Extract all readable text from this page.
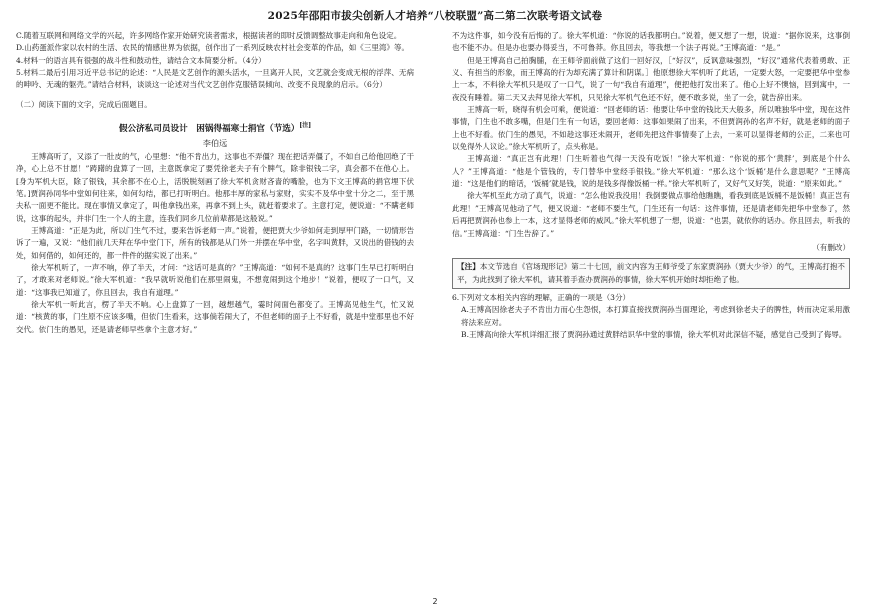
2025年邵阳市拔尖创新人才培养“八校联盟”高二第二次联考语文试卷

C.随着互联网和网络文学的兴起，许多网络作家开始研究读者需求，根据读者的即时反馈调整故事走向和角色设定。

D.山药蛋派作家以农村的生活、农民的情感世界为依据，创作出了一系列反映农村社会变革的作品，如《三里湾》等。

4.材料一的语言具有很强的战斗性和鼓动性，请结合文本简要分析。（4分）

5.材料二最后引用习近平总书记的论述：“人民是文艺创作的源头活水，一旦离开人民，文艺就会变成无根的浮萍、无病的呻吟、无魂的躯壳。”请结合材料，谈谈这一论述对当代文艺创作克服错误倾向、改变不良现象的启示。（6分）

（二）阅读下面的文字，完成后面题目。

假公济私司员设计　困锅得福寒士捐官（节选）[注]
李伯远

王博高听了，又添了一肚皮的气，心里想：“他不肯出力，这事也不弄僵？现在把话弄僵了，不如自己给他回绝了干净，心上总不甘愿！”踌躇的盘算了一回，主意既拿定了要凭徐老夫子有个脾气，除非银钱二字，真会都不在他心上。[身为军机大臣，除了银钱，其余都不在心上，活脱脱刻画了徐大军机贪财吝啬的嘴脸，也为下文王博高的捐官埋下伏笔。]贾润孙同华中堂如何往来，如何勾结，都已打听明白。他那丰厚的家私与家财，实实不及华中堂十分之二，至于黑夫私一面更不能比。现在事情又拿定了，叫他拿钱出来，再拿不到上头，就赶着要求了。主意打定，便说道：“不瞒老师说，这事的起头，并非门生一个人的主意，连我们同乡几位前辈都是这般说。”

王博高道：“正是为此，所以门生气不过，要来告诉老师一声。”说着，便把贾大少爷如何走到厚甲门路，一切情形告诉了一遍，又说：“他们前几天拜在华中堂门下，所有的钱都是从门外一并摆在华中堂，名字叫黄胖，又说出的借钱的去处，如何借的，如何还的，都一件件的据实说了出来。”

徐大军机听了，一声不响，停了半天，才问：“这话可是真的？”王博高道：“如何不是真的？这事门生早已打听明白了，才敢来对老师说。”徐大军机道：“我早就听说他们在那里闹鬼，不想竟闹到这个地步！”说着，便叹了一口气，又道：“这事我已知道了，你且回去，我自有道理。”

徐大军机一听此言，楞了半天不响。心上盘算了一回，越想越气，霎时间面色都变了。王博高见他生气，忙又说道：“核黄的事，门生原不应该多嘴，但依门生看来，这事倘若闹大了，不但老师的面子上不好看，就是中堂那里也不好交代。依门生的愚见，还是请老师早些拿个主意才好。”

不为这件事，如今没有后悔的了。徐大军机道：“你说的话我都明白。”说着，便又想了一想，说道：“据你说来，这事倒也不能不办。但是办也要办得妥当，不可鲁莽。你且回去，等我想一个法子再说。”王博高道：“是。”

但是王博高自己拍胸脯，在王师爷面前做了这们一回好汉，［“好汉”，反讽意味强烈，“好汉”通常代表着勇敢、正义、有担当的形象，而王博高的行为却充满了算计和阴谋。］他原想徐大军机听了此话，一定要大怒，一定要把华中堂参上一本，不料徐大军机只是叹了一口气，说了一句“我自有道理”，便把他打发出来了。他心上好不懊恼，回到寓中，一夜没有睡着。第二天又去拜见徐大军机，只见徐大军机气色还不好，便不敢多说，坐了一会，就告辞出来。

王博高一听，晓得有机会可乘，便说道：“回老师的话：他要让华中堂的钱比天大般多，所以唯独华中堂，现在这件事情，门生也不敢多嘴，但是门生有一句话，要回老师：这事如果闹了出来，不但贾润孙的名声不好，就是老师的面子上也不好看。依门生的愚见，不如趁这事还未闹开，老师先把这件事情奏了上去，一来可以显得老师的公正，二来也可以免得外人议论。”徐大军机听了，点头称是。

王博高道：“真正岂有此理！门生听着也气得一天没有吃饭！”徐大军机道：“你说的那个‘黄胖’，到底是个什么人？”王博高道：“他是个管钱的，专门替华中堂经手银钱。”徐大军机道：“那么这个‘饭桶’是什么意思呢？”王博高道：“这是他们的暗话，‘饭桶’就是钱，说的是钱多得像饭桶一样。”徐大军机听了，又好气又好笑，说道：“原来如此。”

徐大军机至此方动了真气，说道：“怎么他说我没用！我倒要做点事给他瞧瞧，看我到底是饭桶不是饭桶！真正岂有此理！”王博高见他动了气，便又说道：“老师不要生气，门生还有一句话：这件事情，还是请老师先把华中堂参了，然后再把贾润孙也参上一本，这才显得老师的威风。”徐大军机想了一想，说道：“也罢，就依你的话办。你且回去，听我的信。”王博高道：“门生告辞了。”

（有删改）

【注】本文节选自《官场现形记》第二十七回，前文内容为王师爷受了东家贾润孙（贾大少爷）的气，王博高打抱不平，为此找到了徐大军机，请其着手查办贾润孙的事情，徐大军机开始时却拒绝了他。

6.下列对文本相关内容的理解，正确的一项是（3分）

A.王博高因徐老夫子不肯出力而心生怨恨，本打算直接找贾润孙当面理论，考虑到徐老夫子的脾性，转而决定采用激将法来应对。

B.王博高向徐大军机详细汇报了贾润孙通过黄胖结识华中堂的事情，徐大军机对此深信不疑，感觉自己受到了侮辱。

2
